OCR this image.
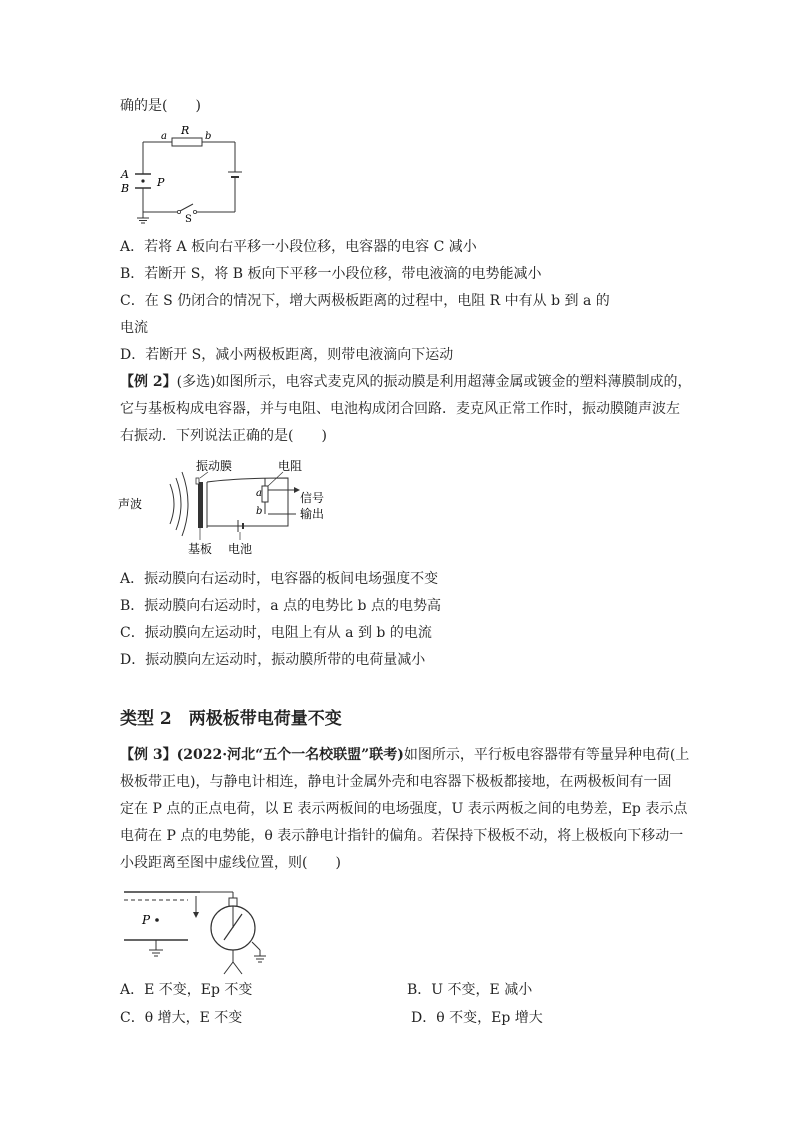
确的是(　　)
a R b
A
B	P
S
A．若将 A 板向右平移一小段位移，电容器的电容 C 减小
B．若断开 S，将 B 板向下平移一小段位移，带电液滴的电势能减小
C．在 S 仍闭合的情况下，增大两极板距离的过程中，电阻 R 中有从 b 到 a 的
电流
D．若断开 S，减小两极板距离，则带电液滴向下运动
【例 2】(多选)如图所示，电容式麦克风的振动膜是利用超薄金属或镀金的塑料薄膜制成的，
它与基板构成电容器，并与电阻、电池构成闭合回路．麦克风正常工作时，振动膜随声波左
右振动．下列说法正确的是(　　)
声波
振动膜	电阻
a
b
信号
输出
基板 电池
A．振动膜向右运动时，电容器的板间电场强度不变
B．振动膜向右运动时，a 点的电势比 b 点的电势高
C．振动膜向左运动时，电阻上有从 a 到 b 的电流
D．振动膜向左运动时，振动膜所带的电荷量减小
类型 2　两极板带电荷量不变
【例 3】(2022·河北“五个一名校联盟”联考)如图所示，平行板电容器带有等量异种电荷(上
极板带正电)，与静电计相连，静电计金属外壳和电容器下极板都接地，在两极板间有一固
定在 P 点的正点电荷，以 E 表示两板间的电场强度，U 表示两板之间的电势差，Ep 表示点
电荷在 P 点的电势能，θ 表示静电计指针的偏角。若保持下极板不动，将上极板向下移动一
小段距离至图中虚线位置，则(　　)
P
A．E 不变，Ep 不变	B．U 不变，E 减小
C．θ 增大，E 不变	D．θ 不变，Ep 增大
